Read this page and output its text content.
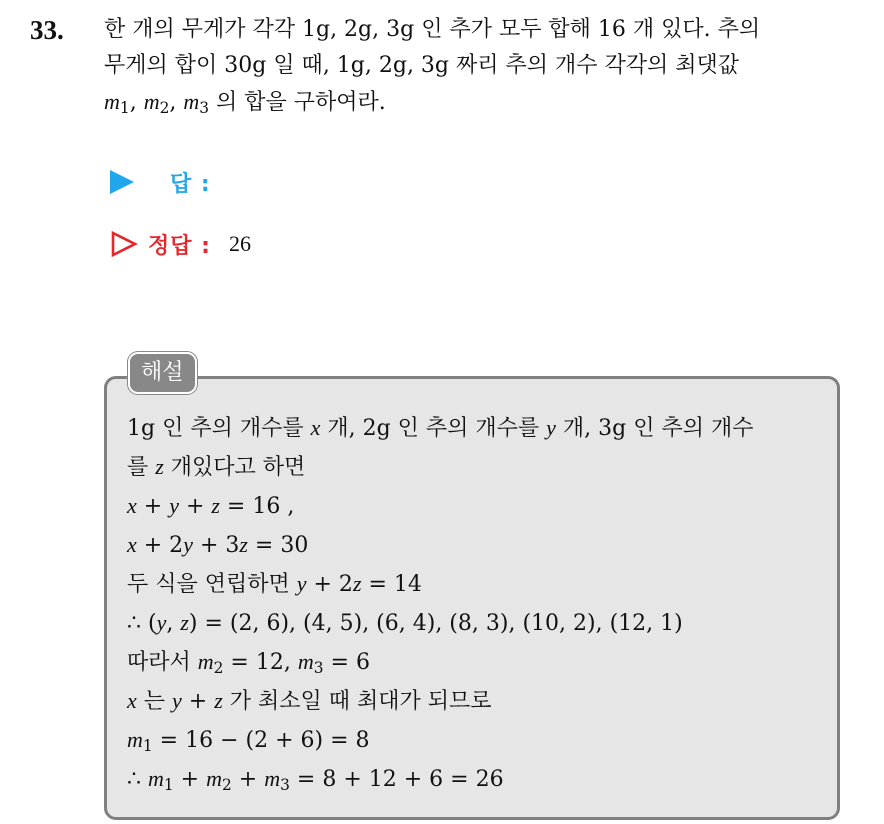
33. 한 개의 무게가 각각 1g, 2g, 3g 인 추가 모두 합해 16 개 있다. 추의
무게의 합이 30g 일 때, 1g, 2g, 3g 짜리 추의 개수 각각의 최댓값
$m_1$, $m_2$, $m_3$ 의 합을 구하여라.
답 :
정답 : 26
해설
1g 인 추의 개수를 x 개, 2g 인 추의 개수를 y 개, 3g 인 추의 개수
를 z 개있다고 하면
x + y + z = 16 ,
x + 2y + 3z = 30
두 식을 연립하면 y + 2z = 14
∴ (y, z) = (2, 6), (4, 5), (6, 4), (8, 3), (10, 2), (12, 1)
따라서 $m_2 = 12$, $m_3 = 6$
x 는 y + z 가 최소일 때 최대가 되므로
$m_1 = 16 - (2 + 6) = 8$
∴ $m_1 + m_2 + m_3 = 8 + 12 + 6 = 26$
